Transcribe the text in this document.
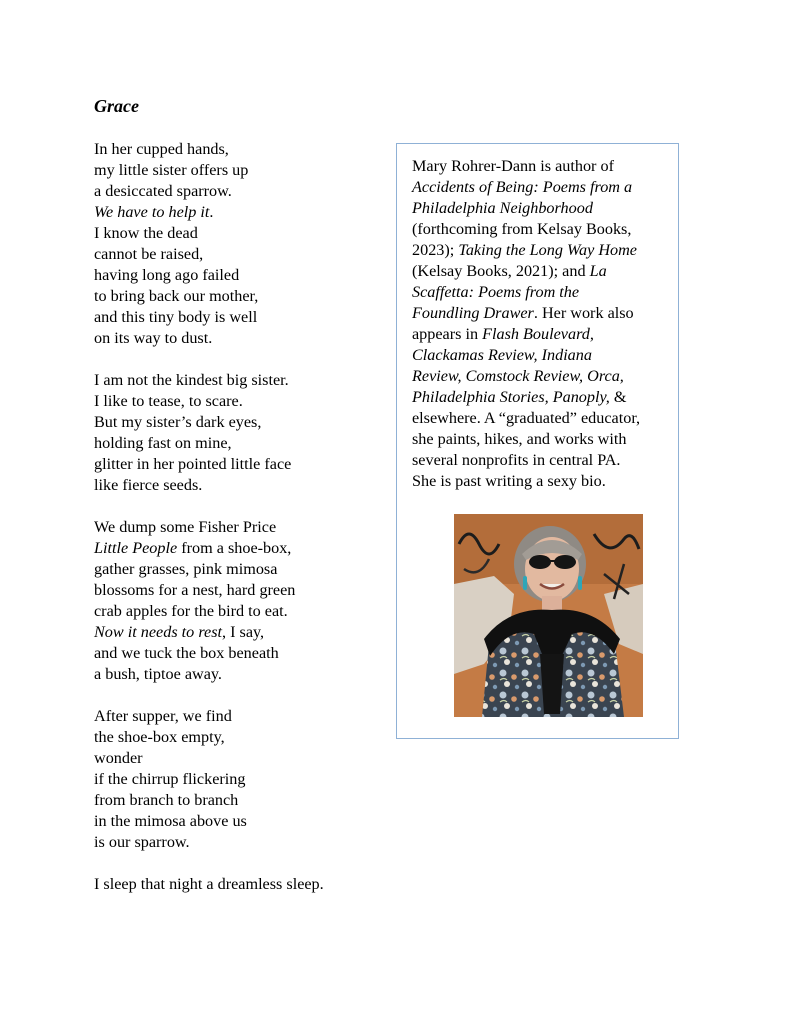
Grace
In her cupped hands,
my little sister offers up
a desiccated sparrow.
We have to help it.
I know the dead
cannot be raised,
having long ago failed
to bring back our mother,
and this tiny body is well
on its way to dust.
I am not the kindest big sister.
I like to tease, to scare.
But my sister’s dark eyes,
holding fast on mine,
glitter in her pointed little face
like fierce seeds.
We dump some Fisher Price
Little People from a shoe-box,
gather grasses, pink mimosa
blossoms for a nest, hard green
crab apples for the bird to eat.
Now it needs to rest, I say,
and we tuck the box beneath
a bush, tiptoe away.
After supper, we find
the shoe-box empty,
wonder
if the chirrup flickering
from branch to branch
in the mimosa above us
is our sparrow.
I sleep that night a dreamless sleep.
Mary Rohrer-Dann is author of
Accidents of Being: Poems from a
Philadelphia Neighborhood
(forthcoming from Kelsay Books,
2023); Taking the Long Way Home
(Kelsay Books, 2021); and La
Scaffetta: Poems from the
Foundling Drawer. Her work also
appears in Flash Boulevard,
Clackamas Review, Indiana
Review, Comstock Review, Orca,
Philadelphia Stories, Panoply, &
elsewhere. A “graduated” educator,
she paints, hikes, and works with
several nonprofits in central PA.
She is past writing a sexy bio.
